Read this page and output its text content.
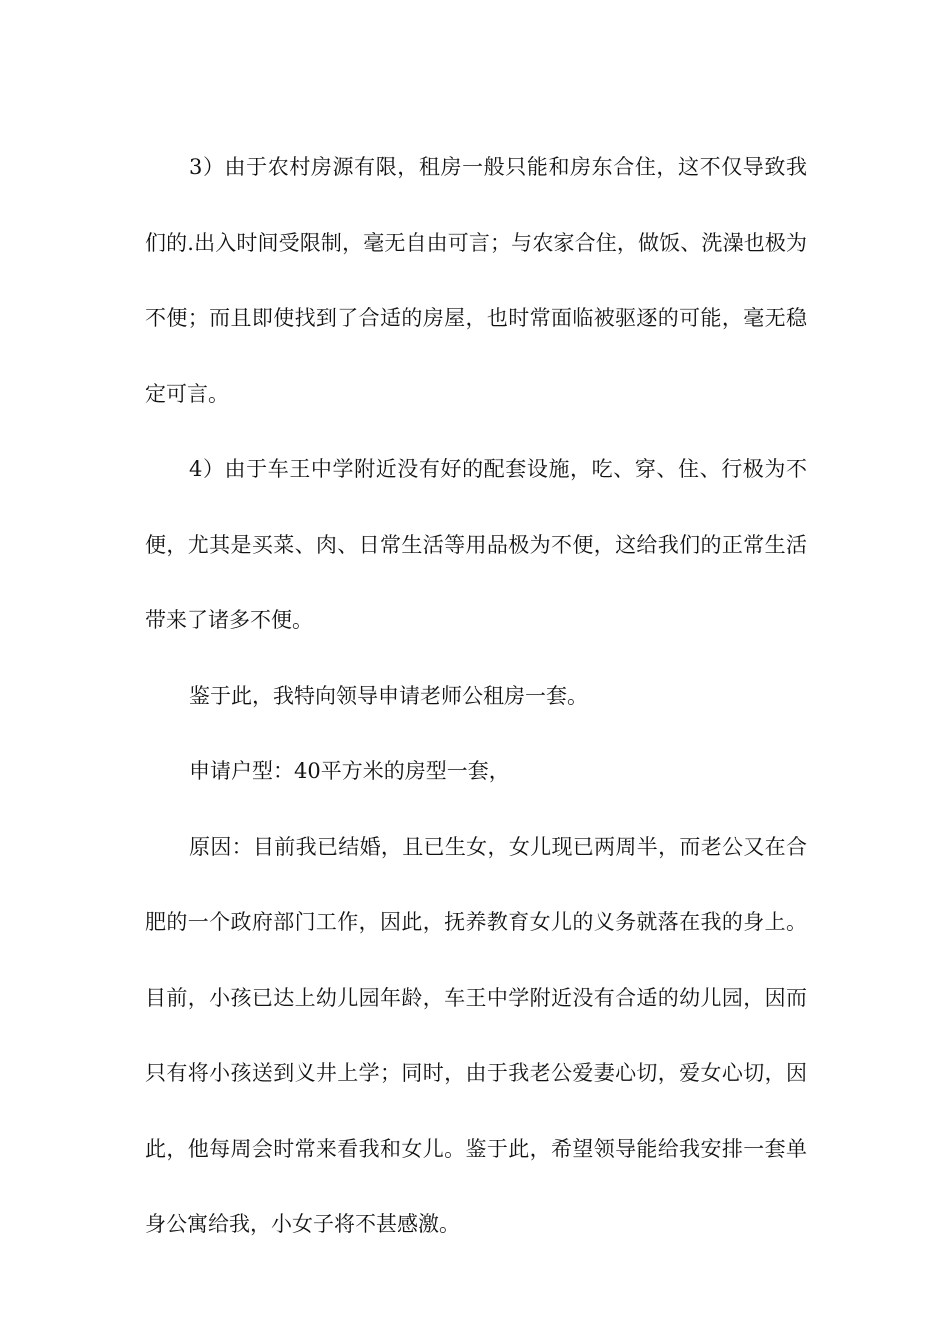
3）由于农村房源有限，租房一般只能和房东合住，这不仅导致我们的.出入时间受限制，毫无自由可言；与农家合住，做饭、洗澡也极为不便；而且即使找到了合适的房屋，也时常面临被驱逐的可能，毫无稳定可言。

4）由于车王中学附近没有好的配套设施，吃、穿、住、行极为不便，尤其是买菜、肉、日常生活等用品极为不便，这给我们的正常生活带来了诸多不便。

鉴于此，我特向领导申请老师公租房一套。

申请户型：40平方米的房型一套，

原因：目前我已结婚，且已生女，女儿现已两周半，而老公又在合肥的一个政府部门工作，因此，抚养教育女儿的义务就落在我的身上。目前，小孩已达上幼儿园年龄，车王中学附近没有合适的幼儿园，因而只有将小孩送到义井上学；同时，由于我老公爱妻心切，爱女心切，因此，他每周会时常来看我和女儿。鉴于此，希望领导能给我安排一套单身公寓给我，小女子将不甚感激。
